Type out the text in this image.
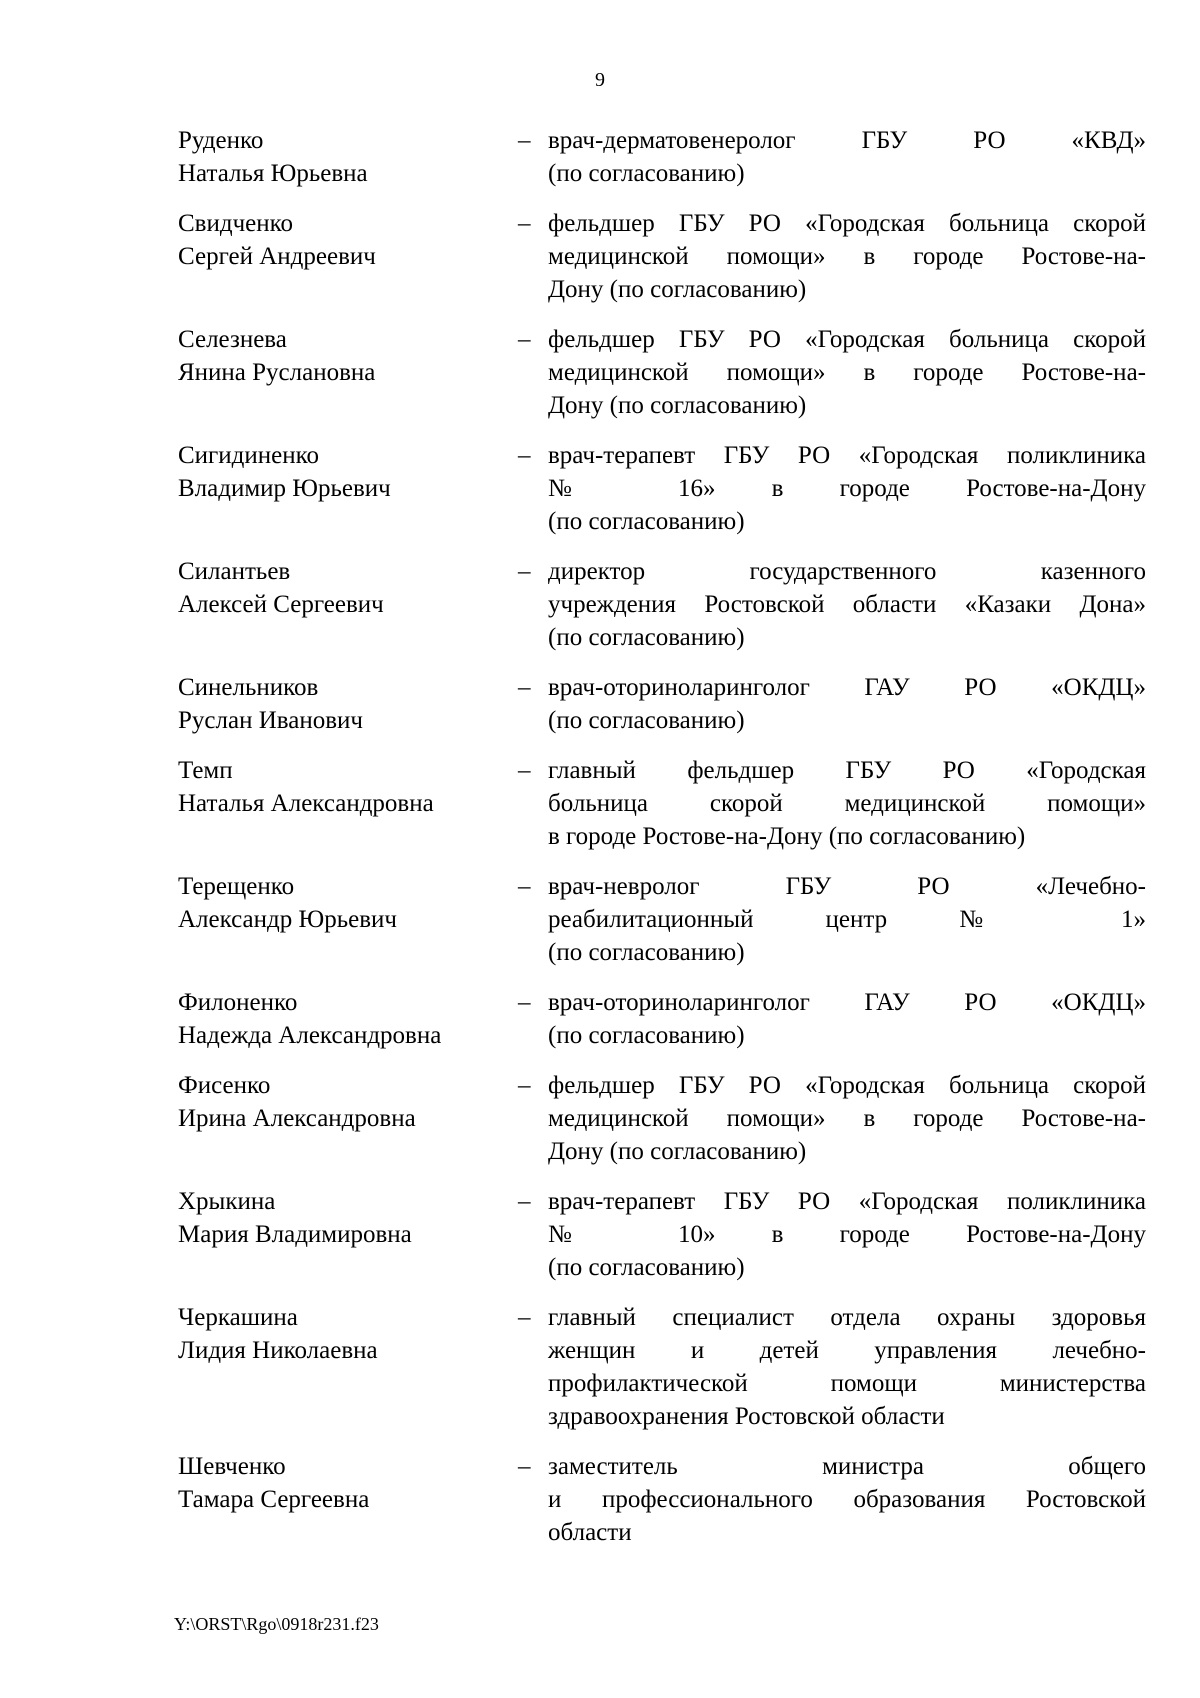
9
Руденко
Наталья Юрьевна
– врач-дерматовенеролог ГБУ РО «КВД»
(по согласованию)
Свидченко
Сергей Андреевич
– фельдшер ГБУ РО «Городская больница скорой
медицинской помощи» в городе Ростове-на-
Дону (по согласованию)
Селезнева
Янина Руслановна
– фельдшер ГБУ РО «Городская больница скорой
медицинской помощи» в городе Ростове-на-
Дону (по согласованию)
Сигидиненко
Владимир Юрьевич
– врач-терапевт ГБУ РО «Городская поликлиника
№ 16» в городе Ростове-на-Дону
(по согласованию)
Силантьев
Алексей Сергеевич
– директор государственного казенного
учреждения Ростовской области «Казаки Дона»
(по согласованию)
Синельников
Руслан Иванович
– врач-оториноларинголог ГАУ РО «ОКДЦ»
(по согласованию)
Темп
Наталья Александровна
– главный фельдшер ГБУ РО «Городская
больница скорой медицинской помощи»
в городе Ростове-на-Дону (по согласованию)
Терещенко
Александр Юрьевич
– врач-невролог ГБУ РО «Лечебно-
реабилитационный центр № 1»
(по согласованию)
Филоненко
Надежда Александровна
– врач-оториноларинголог ГАУ РО «ОКДЦ»
(по согласованию)
Фисенко
Ирина Александровна
– фельдшер ГБУ РО «Городская больница скорой
медицинской помощи» в городе Ростове-на-
Дону (по согласованию)
Хрыкина
Мария Владимировна
– врач-терапевт ГБУ РО «Городская поликлиника
№ 10» в городе Ростове-на-Дону
(по согласованию)
Черкашина
Лидия Николаевна
– главный специалист отдела охраны здоровья
женщин и детей управления лечебно-
профилактической помощи министерства
здравоохранения Ростовской области
Шевченко
Тамара Сергеевна
– заместитель министра общего
и профессионального образования Ростовской
области
Y:\ORST\Rgo\0918r231.f23
